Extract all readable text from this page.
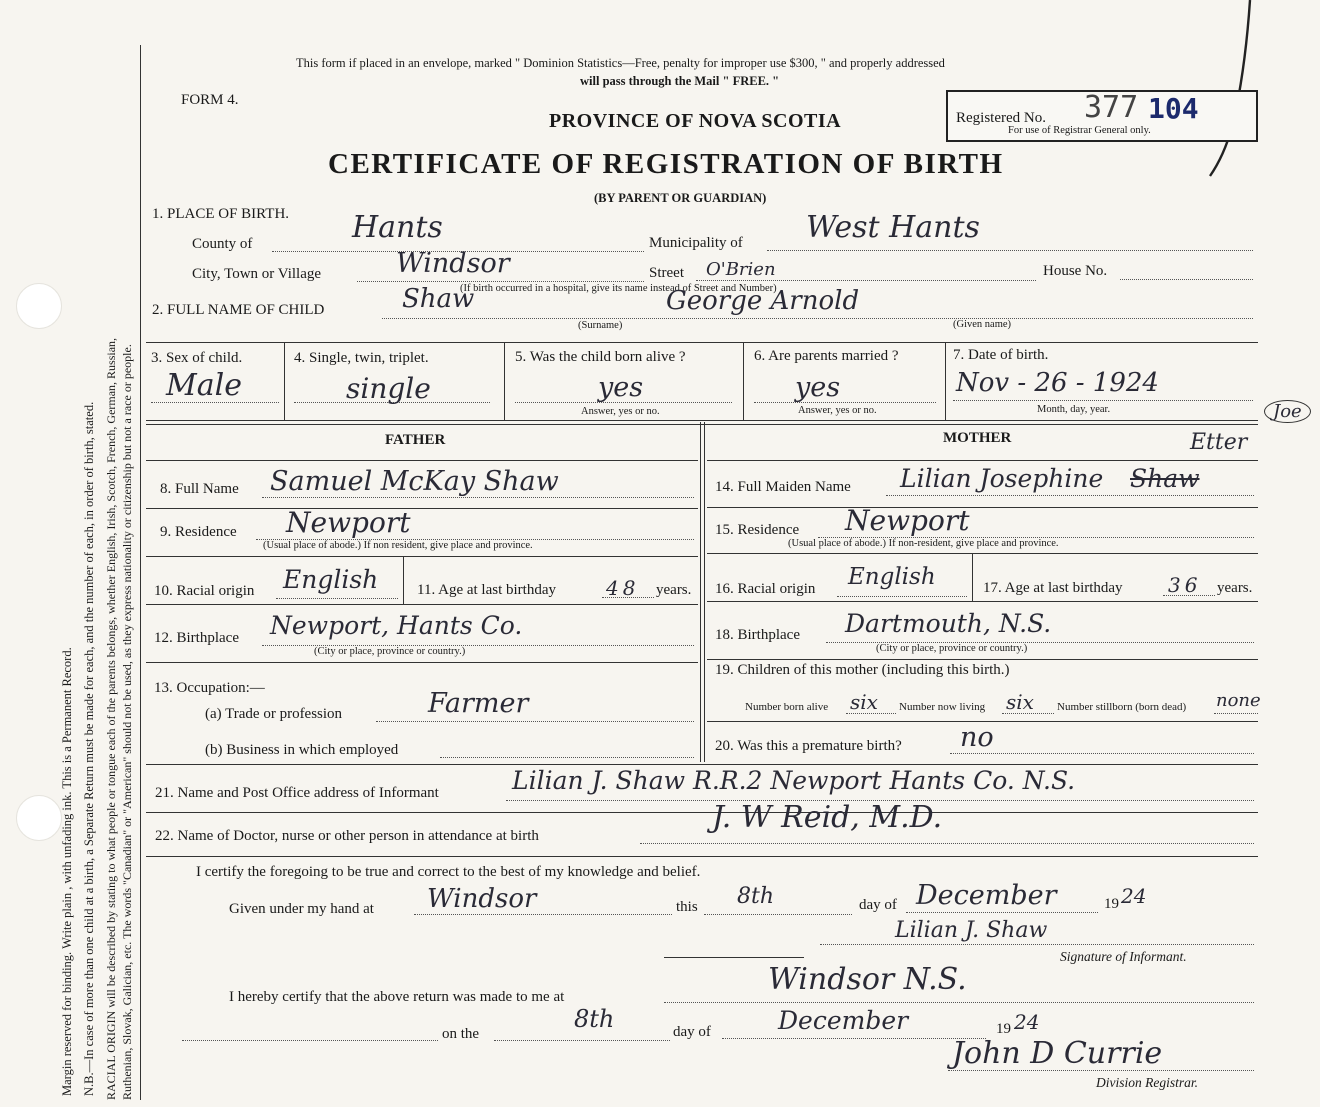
Margin reserved for binding. Write plain , with unfading ink. This is a Permanent Record. N.B.—In case of more than one child at a birth, a Separate Return must be made for each, and the number of each, in order of birth, stated. RACIAL ORIGIN will be described by stating to what people or tongue each of the parents belongs, whether English, Irish, Scotch, French, German, Russian, Ruthenian, Slovak, Galician, etc. The words "Canadian" or "American" should not be used, as they express nationality or citizenship but not a race or people.
This form if placed in an envelope, marked " Dominion Statistics—Free, penalty for improper use $300, " and properly addressed
will pass through the Mail " FREE. "
FORM 4.
PROVINCE OF NOVA SCOTIA
CERTIFICATE OF REGISTRATION OF BIRTH
(BY PARENT OR GUARDIAN)
Registered No. 377 104
For use of Registrar General only.
1. PLACE OF BIRTH.
County of	Hants	Municipality of West Hants
City, Town or Village	Windsor	Street O'Brien	House No.
(If birth occurred in a hospital, give its name instead of Street and Number)
2. FULL NAME OF CHILD	Shaw	George Arnold
(Surname)	(Given name)
3. Sex of child.
Male
4. Single, twin, triplet.
single
5. Was the child born alive ?
yes
Answer, yes or no.
6. Are parents married ?
yes
Answer, yes or no.
7. Date of birth.
Nov - 26 - 1924
Month, day, year.
FATHER	MOTHER
Joe
Etter
8. Full Name Samuel McKay Shaw	14. Full Maiden Name Lilian Josephine Shaw
9. Residence Newport
(Usual place of abode.) If non resident, give place and province.
15. Residence Newport
(Usual place of abode.) If non-resident, give place and province.
10. Racial origin English	11. Age at last birthday	48 years. 16. Racial origin English	17. Age at last birthday 36 years.
12. Birthplace Newport, Hants Co.
(City or place, province or country.)
18. Birthplace Dartmouth, N.S.
(City or place, province or country.)
13. Occupation:—
(a) Trade or profession	Farmer
(b) Business in which employed
19. Children of this mother (including this birth.)
Number born alive six Number now living six Number stillborn (born dead) none
20. Was this a premature birth? no
21. Name and Post Office address of Informant	Lilian J. Shaw R.R.2 Newport Hants Co. N.S.
22. Name of Doctor, nurse or other person in attendance at birth
J. W Reid, M.D.
I certify the foregoing to be true and correct to the best of my knowledge and belief.
Given under my hand at Windsor	this 8th	day of December	19 24
Lilian J. Shaw
Signature of Informant.
I hereby certify that the above return was made to me at	Windsor N.S.
on the
8th	day of	December	19 24
John D Currie
Division Registrar.
